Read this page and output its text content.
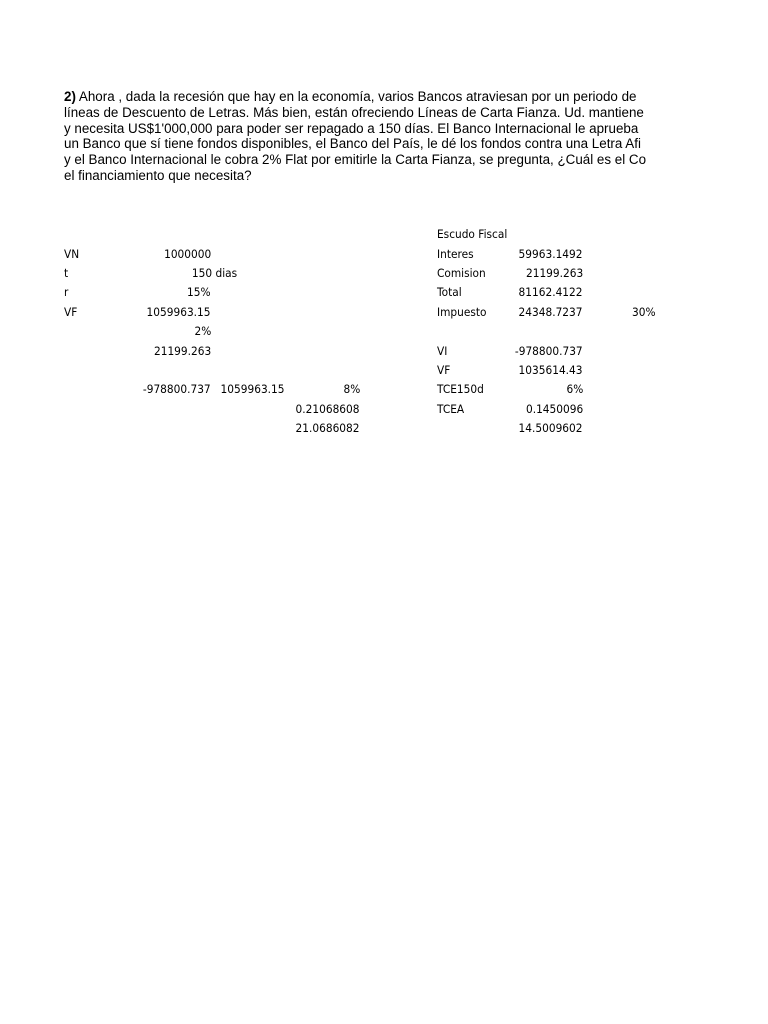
2) Ahora , dada la recesión que hay en la economía, varios Bancos atraviesan por un periodo de
líneas de Descuento de Letras. Más bien, están ofreciendo Líneas de Carta Fianza. Ud. mantiene
y necesita US$1'000,000 para poder ser repagado a 150 días. El Banco Internacional le aprueba
un Banco que sí tiene fondos disponibles, el Banco del País, le dé los fondos contra una Letra Afi
y el Banco Internacional le cobra 2% Flat por emitirle la Carta Fianza, se pregunta, ¿Cuál es el Co
el financiamiento que necesita?
VN	1000000
t	150 dias
r	15%
VF	1059963.15
2%
21199.263
-978800.737 1059963.15	8%
0.21068608
21.0686082
Escudo Fiscal
Interes	59963.1492
Comision	21199.263
Total	81162.4122
Impuesto	24348.7237	30%
VI	-978800.737
VF	1035614.43
TCE150d	6%
TCEA	0.1450096
14.5009602
